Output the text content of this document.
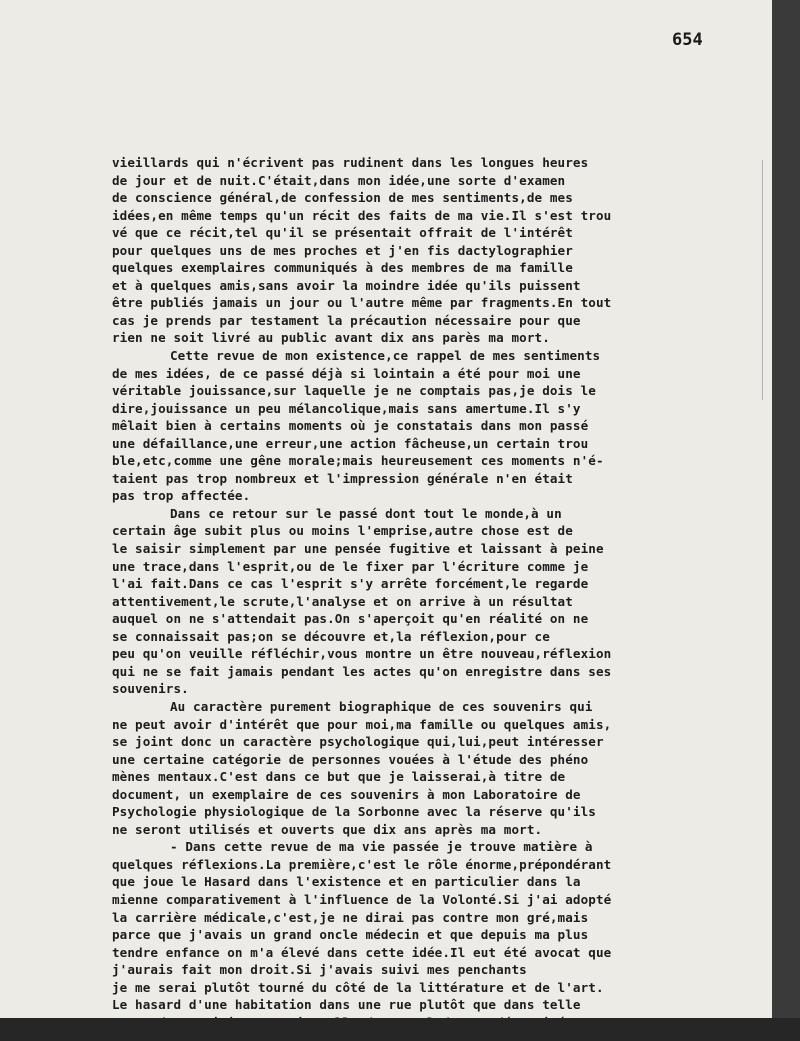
654
vieillards qui n'écrivent pas rudinent dans les longues heures
de jour et de nuit.C'était,dans mon idée,une sorte d'examen
de conscience général,de confession de mes sentiments,de mes
idées,en même temps qu'un récit des faits de ma vie.Il s'est trou
vé que ce récit,tel qu'il se présentait offrait de l'intérêt
pour quelques uns de mes proches et j'en fis dactylographier
quelques exemplaires communiqués à des membres de ma famille
et à quelques amis,sans avoir la moindre idée qu'ils puissent
être publiés jamais un jour ou l'autre même par fragments.En tout
cas je prends par testament la précaution nécessaire pour que
rien ne soit livré au public avant dix ans parès ma mort.
Cette revue de mon existence,ce rappel de mes sentiments
de mes idées, de ce passé déjà si lointain a été pour moi une
véritable jouissance,sur laquelle je ne comptais pas,je dois le
dire,jouissance un peu mélancolique,mais sans amertume.Il s'y
mêlait bien à certains moments où je constatais dans mon passé
une défaillance,une erreur,une action fâcheuse,un certain trou
ble,etc,comme une gêne morale;mais heureusement ces moments n'é-
taient pas trop nombreux et l'impression générale n'en était
pas trop affectée.
Dans ce retour sur le passé dont tout le monde,à un
certain âge subit plus ou moins l'emprise,autre chose est de
le saisir simplement par une pensée fugitive et laissant à peine
une trace,dans l'esprit,ou de le fixer par l'écriture comme je
l'ai fait.Dans ce cas l'esprit s'y arrête forcément,le regarde
attentivement,le scrute,l'analyse et on arrive à un résultat
auquel on ne s'attendait pas.On s'aperçoit qu'en réalité on ne
se connaissait pas;on se découvre et,la réflexion,pour ce
peu qu'on veuille réfléchir,vous montre un être nouveau,réflexion
qui ne se fait jamais pendant les actes qu'on enregistre dans ses
souvenirs.
Au caractère purement biographique de ces souvenirs qui
ne peut avoir d'intérêt que pour moi,ma famille ou quelques amis,
se joint donc un caractère psychologique qui,lui,peut intéresser
une certaine catégorie de personnes vouées à l'étude des phéno
mènes mentaux.C'est dans ce but que je laisserai,à titre de
document, un exemplaire de ces souvenirs à mon Laboratoire de
Psychologie physiologique de la Sorbonne avec la réserve qu'ils
ne seront utilisés et ouverts que dix ans après ma mort.
- Dans cette revue de ma vie passée je trouve matière à
quelques réflexions.La première,c'est le rôle énorme,prépondérant
que joue le Hasard dans l'existence et en particulier dans la
mienne comparativement à l'influence de la Volonté.Si j'ai adopté
la carrière médicale,c'est,je ne dirai pas contre mon gré,mais
parce que j'avais un grand oncle médecin et que depuis ma plus
tendre enfance on m'a élevé dans cette idée.Il eut été avocat que
j'aurais fait mon droit.Si j'avais suivi mes penchants
je me serai plutôt tourné du côté de la littérature et de l'art.
Le hasard d'une habitation dans une rue plutôt que dans telle
